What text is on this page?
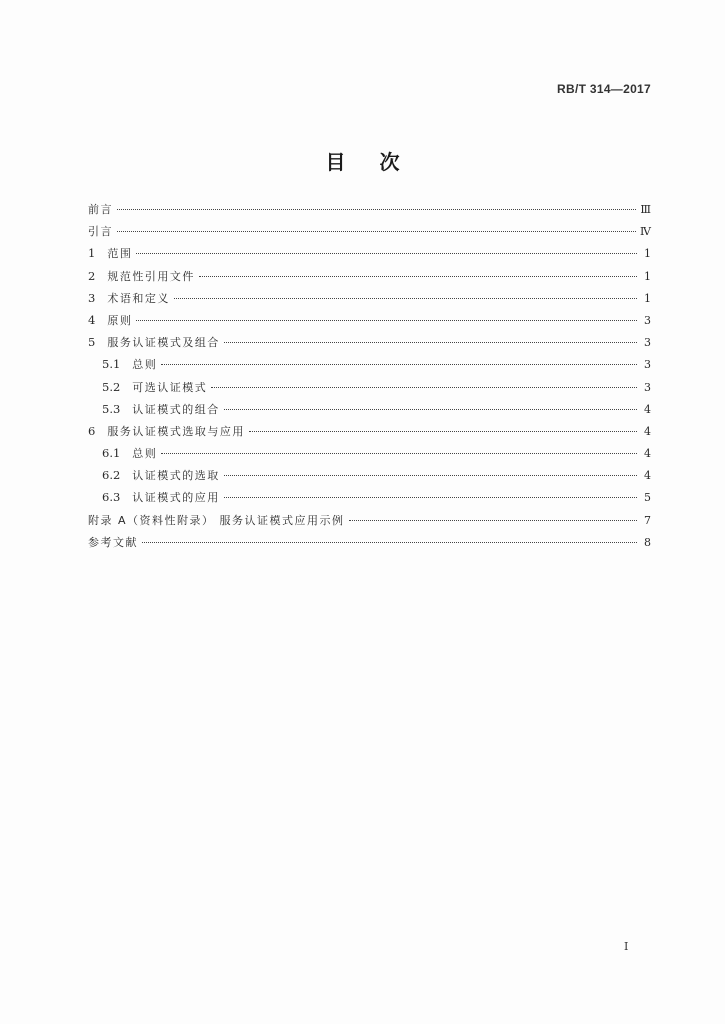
RB/T 314—2017
目次
前言	Ⅲ
引言	Ⅳ
1 范围	1
2 规范性引用文件	1
3 术语和定义	1
4 原则	3
5 服务认证模式及组合	3
5.1 总则	3
5.2 可选认证模式	3
5.3 认证模式的组合	4
6 服务认证模式选取与应用	4
6.1 总则	4
6.2 认证模式的选取	4
6.3 认证模式的应用	5
附录 A（资料性附录） 服务认证模式应用示例	7
参考文献	8
I
